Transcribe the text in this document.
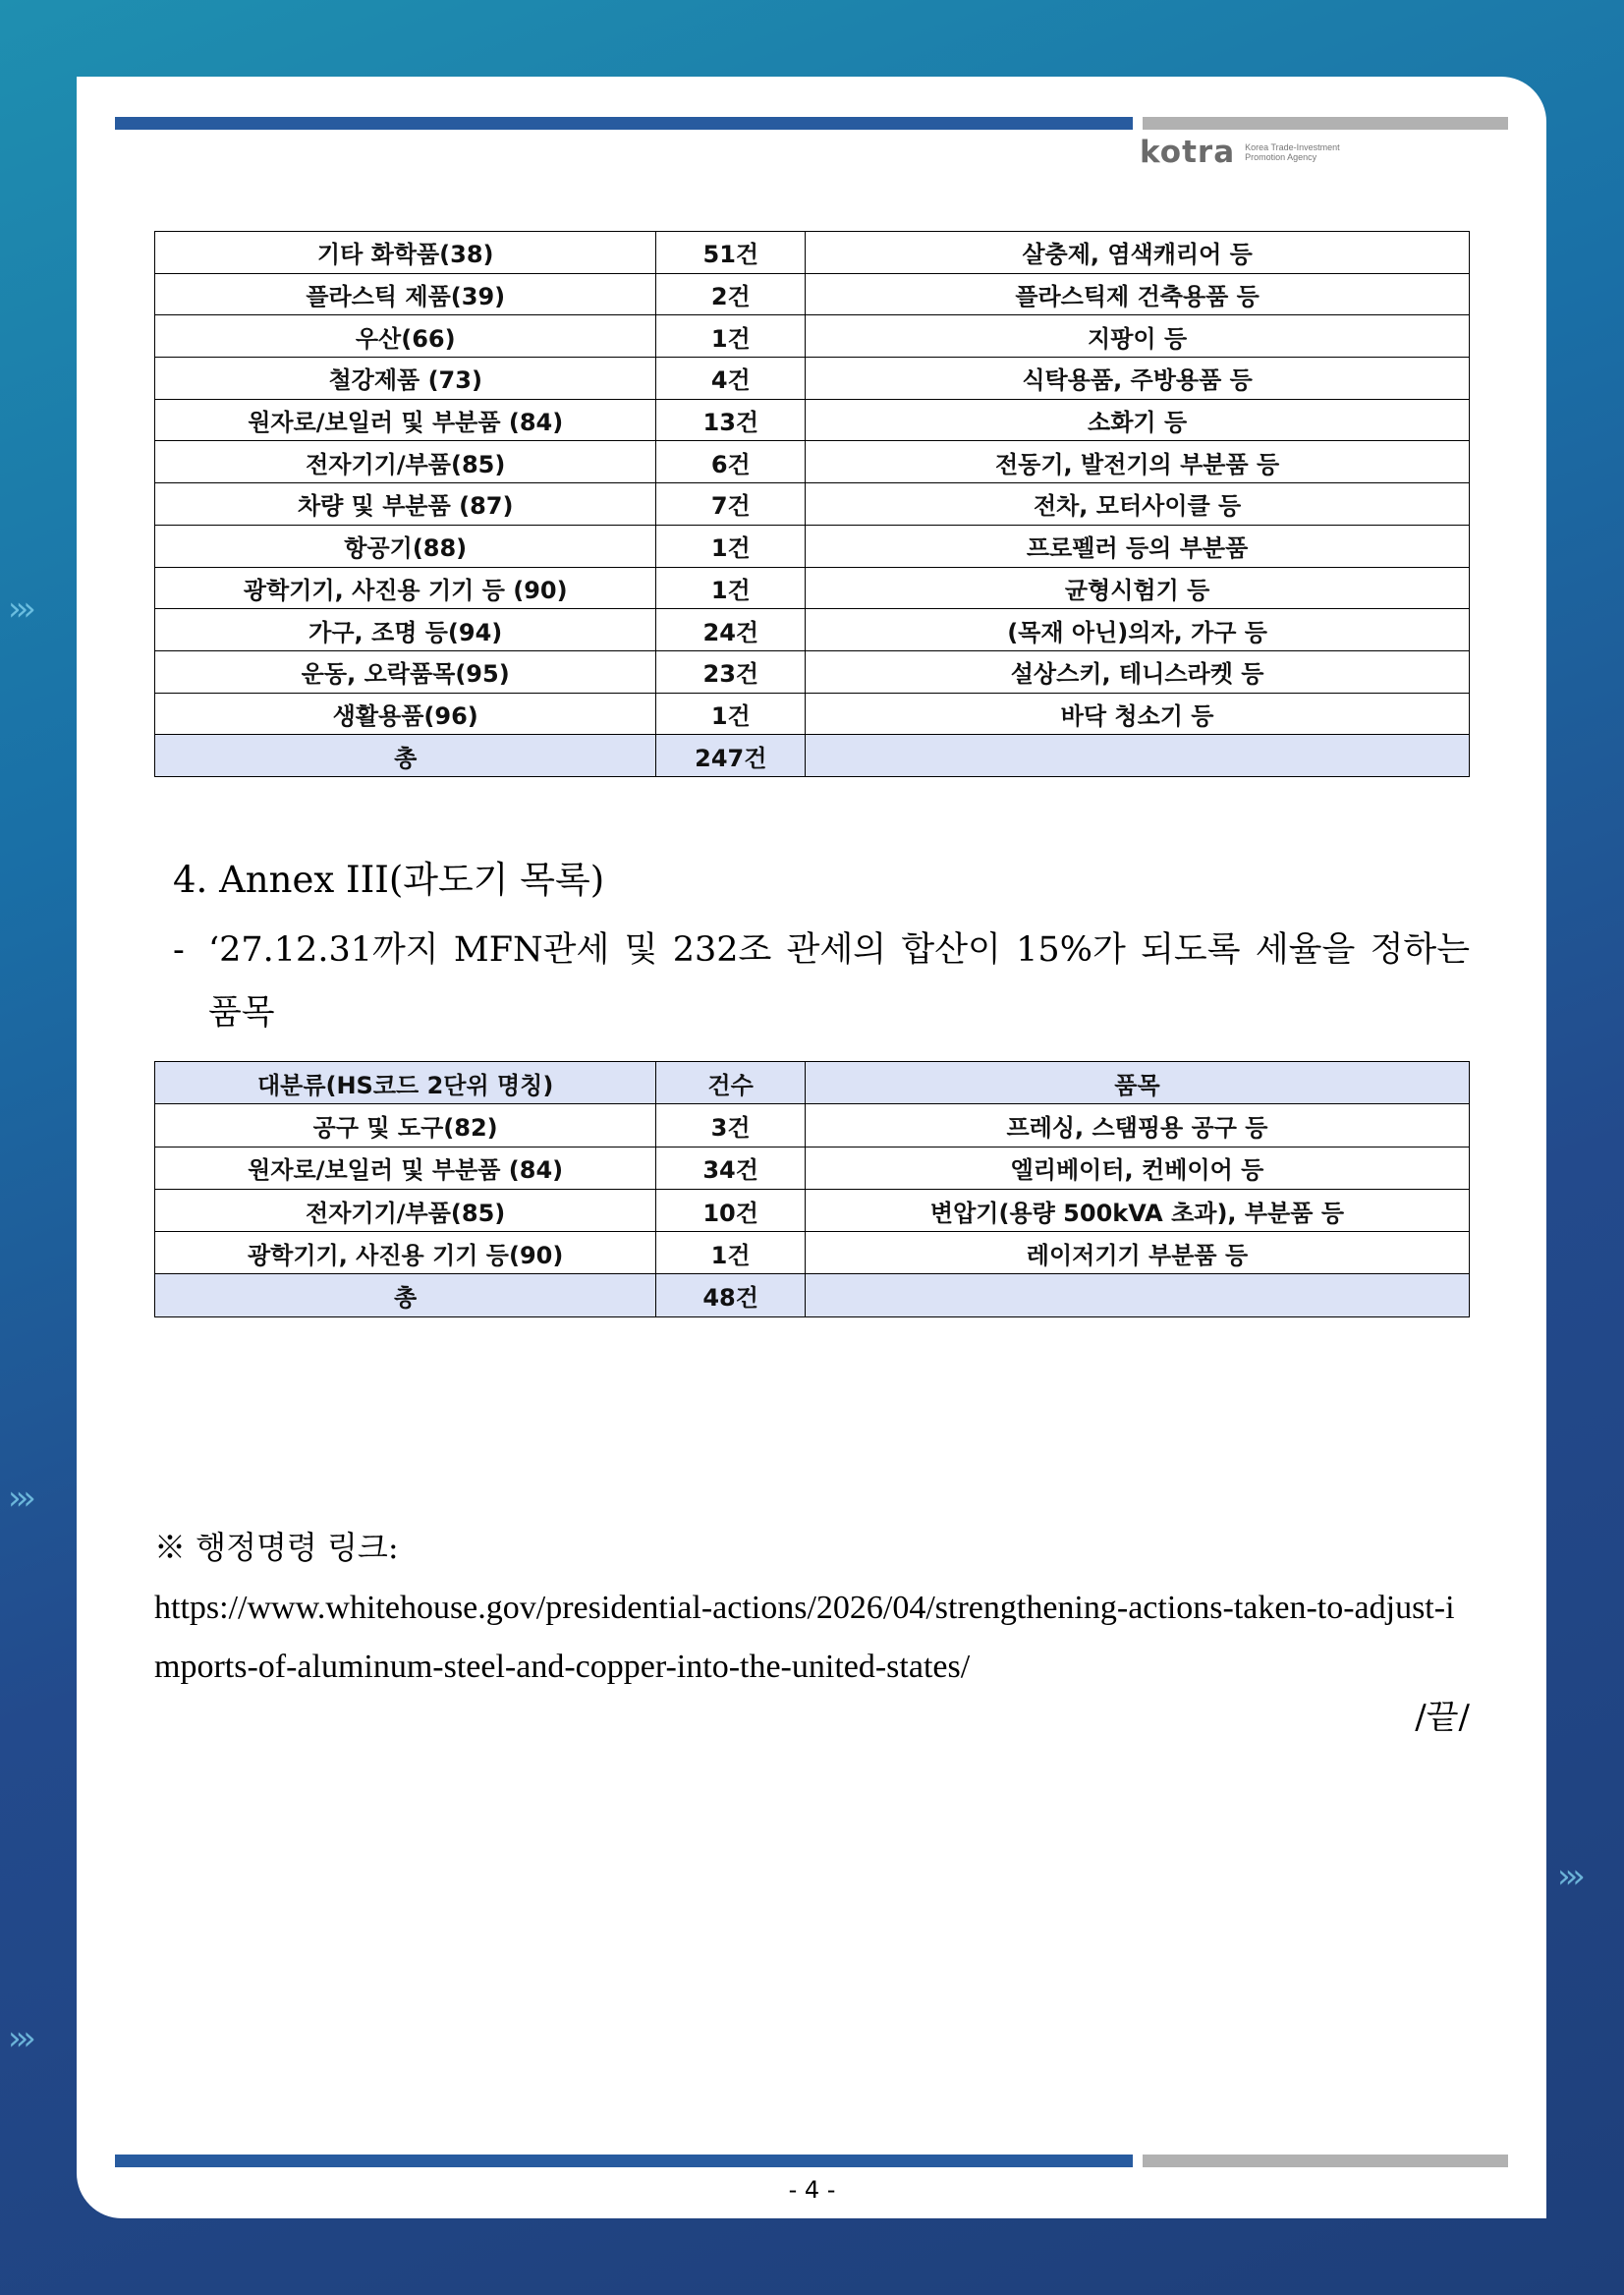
›››
›››
›››
›››
kotra Korea Trade-Investment
Promotion Agency
기타 화학품(38)	51건	살충제, 염색캐리어 등
플라스틱 제품(39)	2건	플라스틱제 건축용품 등
우산(66)	1건	지팡이 등
철강제품 (73)	4건	식탁용품, 주방용품 등
원자로/보일러 및 부분품 (84)	13건	소화기 등
전자기기/부품(85)	6건	전동기, 발전기의 부분품 등
차량 및 부분품 (87)	7건	전차, 모터사이클 등
항공기(88)	1건	프로펠러 등의 부분품
광학기기, 사진용 기기 등 (90)	1건	균형시험기 등
가구, 조명 등(94)	24건	(목재 아닌)의자, 가구 등
운동, 오락품목(95)	23건	설상스키, 테니스라켓 등
생활용품(96)	1건	바닥 청소기 등
총	247건	
4. Annex III(과도기 목록)
- ‘27.12.31까지 MFN관세 및 232조 관세의 합산이 15%가 되도록 세율을 정하는 품목
대분류(HS코드 2단위 명칭)	건수	품목
공구 및 도구(82)	3건	프레싱, 스탬핑용 공구 등
원자로/보일러 및 부분품 (84)	34건	엘리베이터, 컨베이어 등
전자기기/부품(85)	10건	변압기(용량 500kVA 초과), 부분품 등
광학기기, 사진용 기기 등(90)	1건	레이저기기 부분품 등
총	48건	
※ 행정명령 링크:
https://www.whitehouse.gov/presidential-actions/2026/04/strengthening-actions-taken-to-adjust-imports-of-aluminum-steel-and-copper-into-the-united-states/
/끝/
- 4 -
